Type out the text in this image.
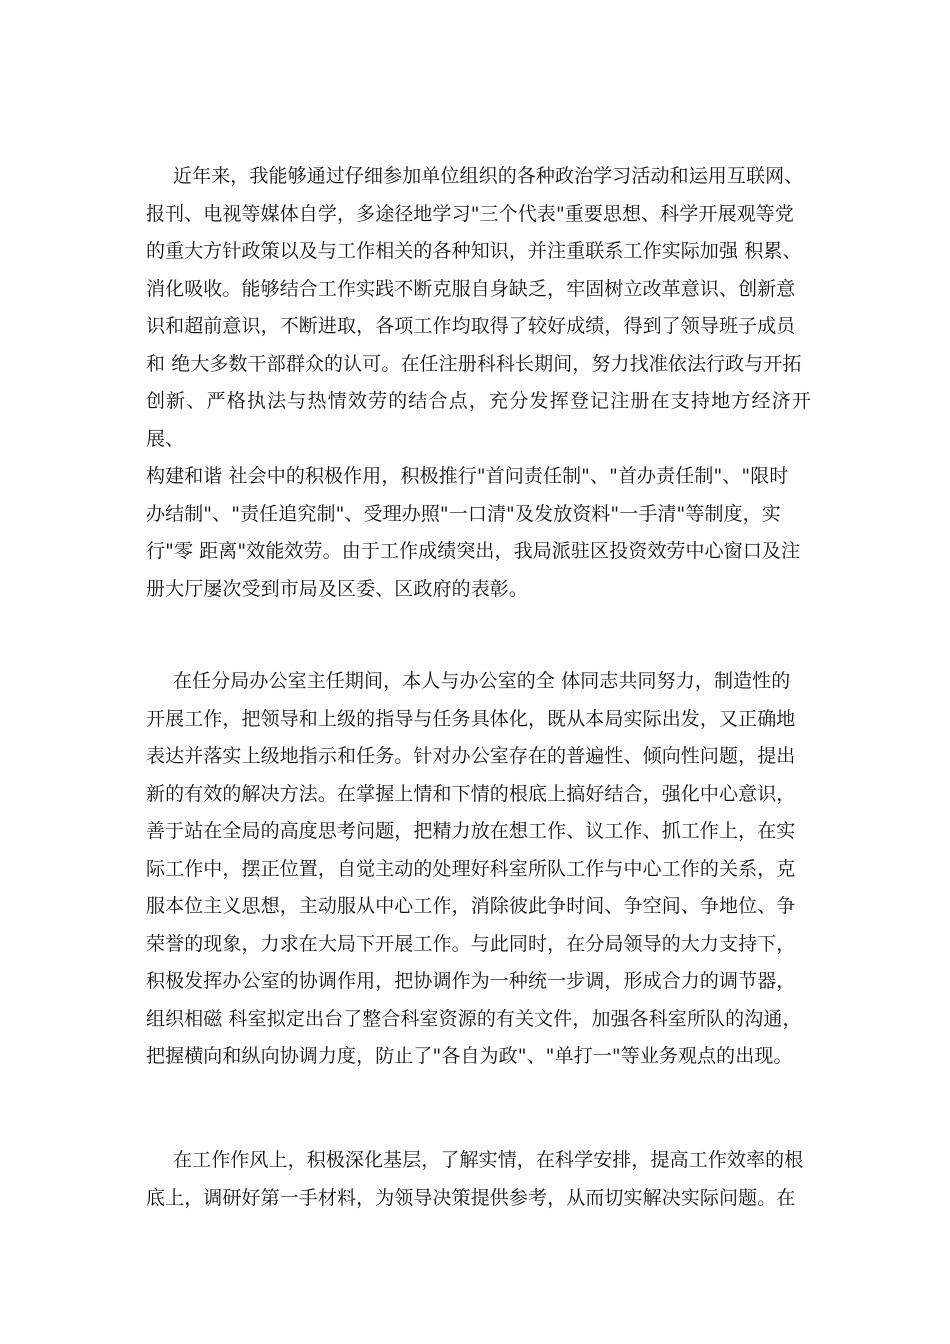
近年来，我能够通过仔细参加单位组织的各种政治学习活动和运用互联网、
报刊、电视等媒体自学，多途径地学习"三个代表"重要思想、科学开展观等党
的重大方针政策以及与工作相关的各种知识，并注重联系工作实际加强 积累、
消化吸收。能够结合工作实践不断克服自身缺乏，牢固树立改革意识、创新意
识和超前意识，不断进取，各项工作均取得了较好成绩，得到了领导班子成员
和 绝大多数干部群众的认可。在任注册科科长期间，努力找准依法行政与开拓
创新、严格执法与热情效劳的结合点，充分发挥登记注册在支持地方经济开展、
构建和谐 社会中的积极作用，积极推行"首问责任制"、"首办责任制"、"限时
办结制"、"责任追究制"、受理办照"一口清"及发放资料"一手清"等制度，实
行"零 距离"效能效劳。由于工作成绩突出，我局派驻区投资效劳中心窗口及注
册大厅屡次受到市局及区委、区政府的表彰。

在任分局办公室主任期间，本人与办公室的全 体同志共同努力，制造性的
开展工作，把领导和上级的指导与任务具体化，既从本局实际出发，又正确地
表达并落实上级地指示和任务。针对办公室存在的普遍性、倾向性问题，提出
新的有效的解决方法。在掌握上情和下情的根底上搞好结合，强化中心意识，
善于站在全局的高度思考问题，把精力放在想工作、议工作、抓工作上，在实
际工作中，摆正位置，自觉主动的处理好科室所队工作与中心工作的关系，克
服本位主义思想，主动服从中心工作，消除彼此争时间、争空间、争地位、争
荣誉的现象，力求在大局下开展工作。与此同时，在分局领导的大力支持下，
积极发挥办公室的协调作用，把协调作为一种统一步调，形成合力的调节器，
组织相磁 科室拟定出台了整合科室资源的有关文件，加强各科室所队的沟通，
把握横向和纵向协调力度，防止了"各自为政"、"单打一"等业务观点的出现。

在工作作风上，积极深化基层，了解实情，在科学安排，提高工作效率的根
底上，调研好第一手材料，为领导决策提供参考，从而切实解决实际问题。在
